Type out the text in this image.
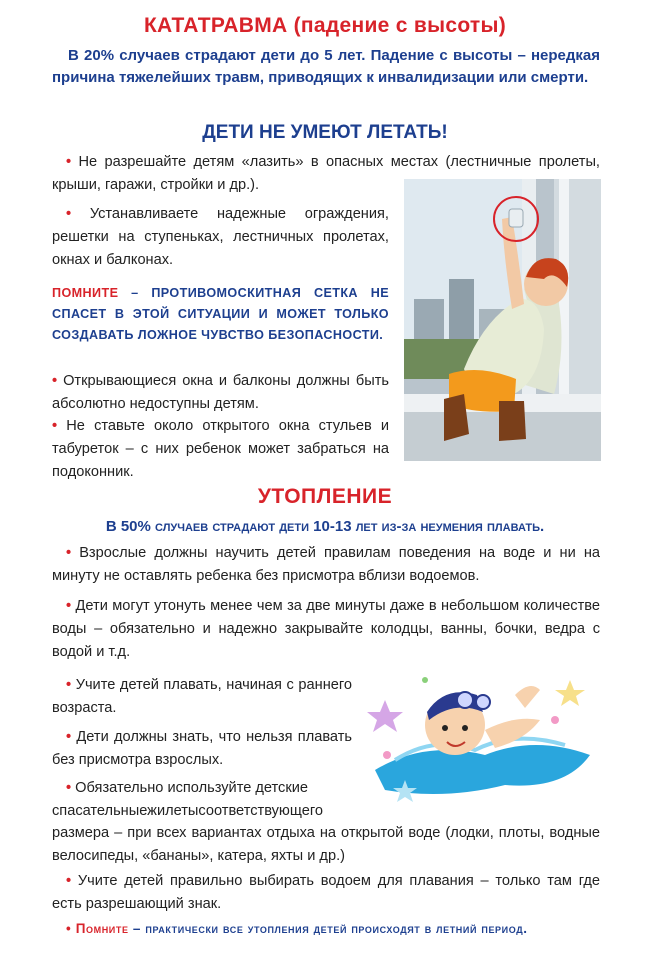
КАТАТРАВМА (падение с высоты)
В 20% случаев страдают дети до 5 лет. Падение с высоты – нередкая причина тяжелейших травм, приводящих к инвалидизации или смерти.
ДЕТИ НЕ УМЕЮТ ЛЕТАТЬ!
• Не разрешайте детям «лазить» в опасных местах (лестничные пролеты, крыши, гаражи, стройки и др.).
• Устанавливаете надежные ограждения, решетки на ступеньках, лестничных пролетах, окнах и балконах.
ПОМНИТЕ – ПРОТИВОМОСКИТНАЯ СЕТКА НЕ СПАСЕТ В ЭТОЙ СИТУАЦИИ И МОЖЕТ ТОЛЬКО СОЗДАВАТЬ ЛОЖНОЕ ЧУВСТВО БЕЗОПАСНОСТИ.
• Открывающиеся окна и балконы должны быть абсолютно недоступны детям.
• Не ставьте около открытого окна стульев и табуреток – с них ребенок может забраться на подоконник.
УТОПЛЕНИЕ
В 50% случаев страдают дети 10-13 лет из-за неумения плавать.
• Взрослые должны научить детей правилам поведения на воде и ни на минуту не оставлять ребенка без присмотра вблизи водоемов.
• Дети могут утонуть менее чем за две минуты даже в небольшом количестве воды – обязательно и надежно закрывайте колодцы, ванны, бочки, ведра с водой и т.д.
• Учите детей плавать, начиная с раннего возраста.
• Дети должны знать, что нельзя плавать без присмотра взрослых.
• Обязательно используйте детские спасательныежилетысоответствующего
размера – при всех вариантах отдыха на открытой воде (лодки, плоты, водные велосипеды, «бананы», катера, яхты и др.)
• Учите детей правильно выбирать водоем для плавания – только там где есть разрешающий знак.
• Помните – практически все утопления детей происходят в летний период.
